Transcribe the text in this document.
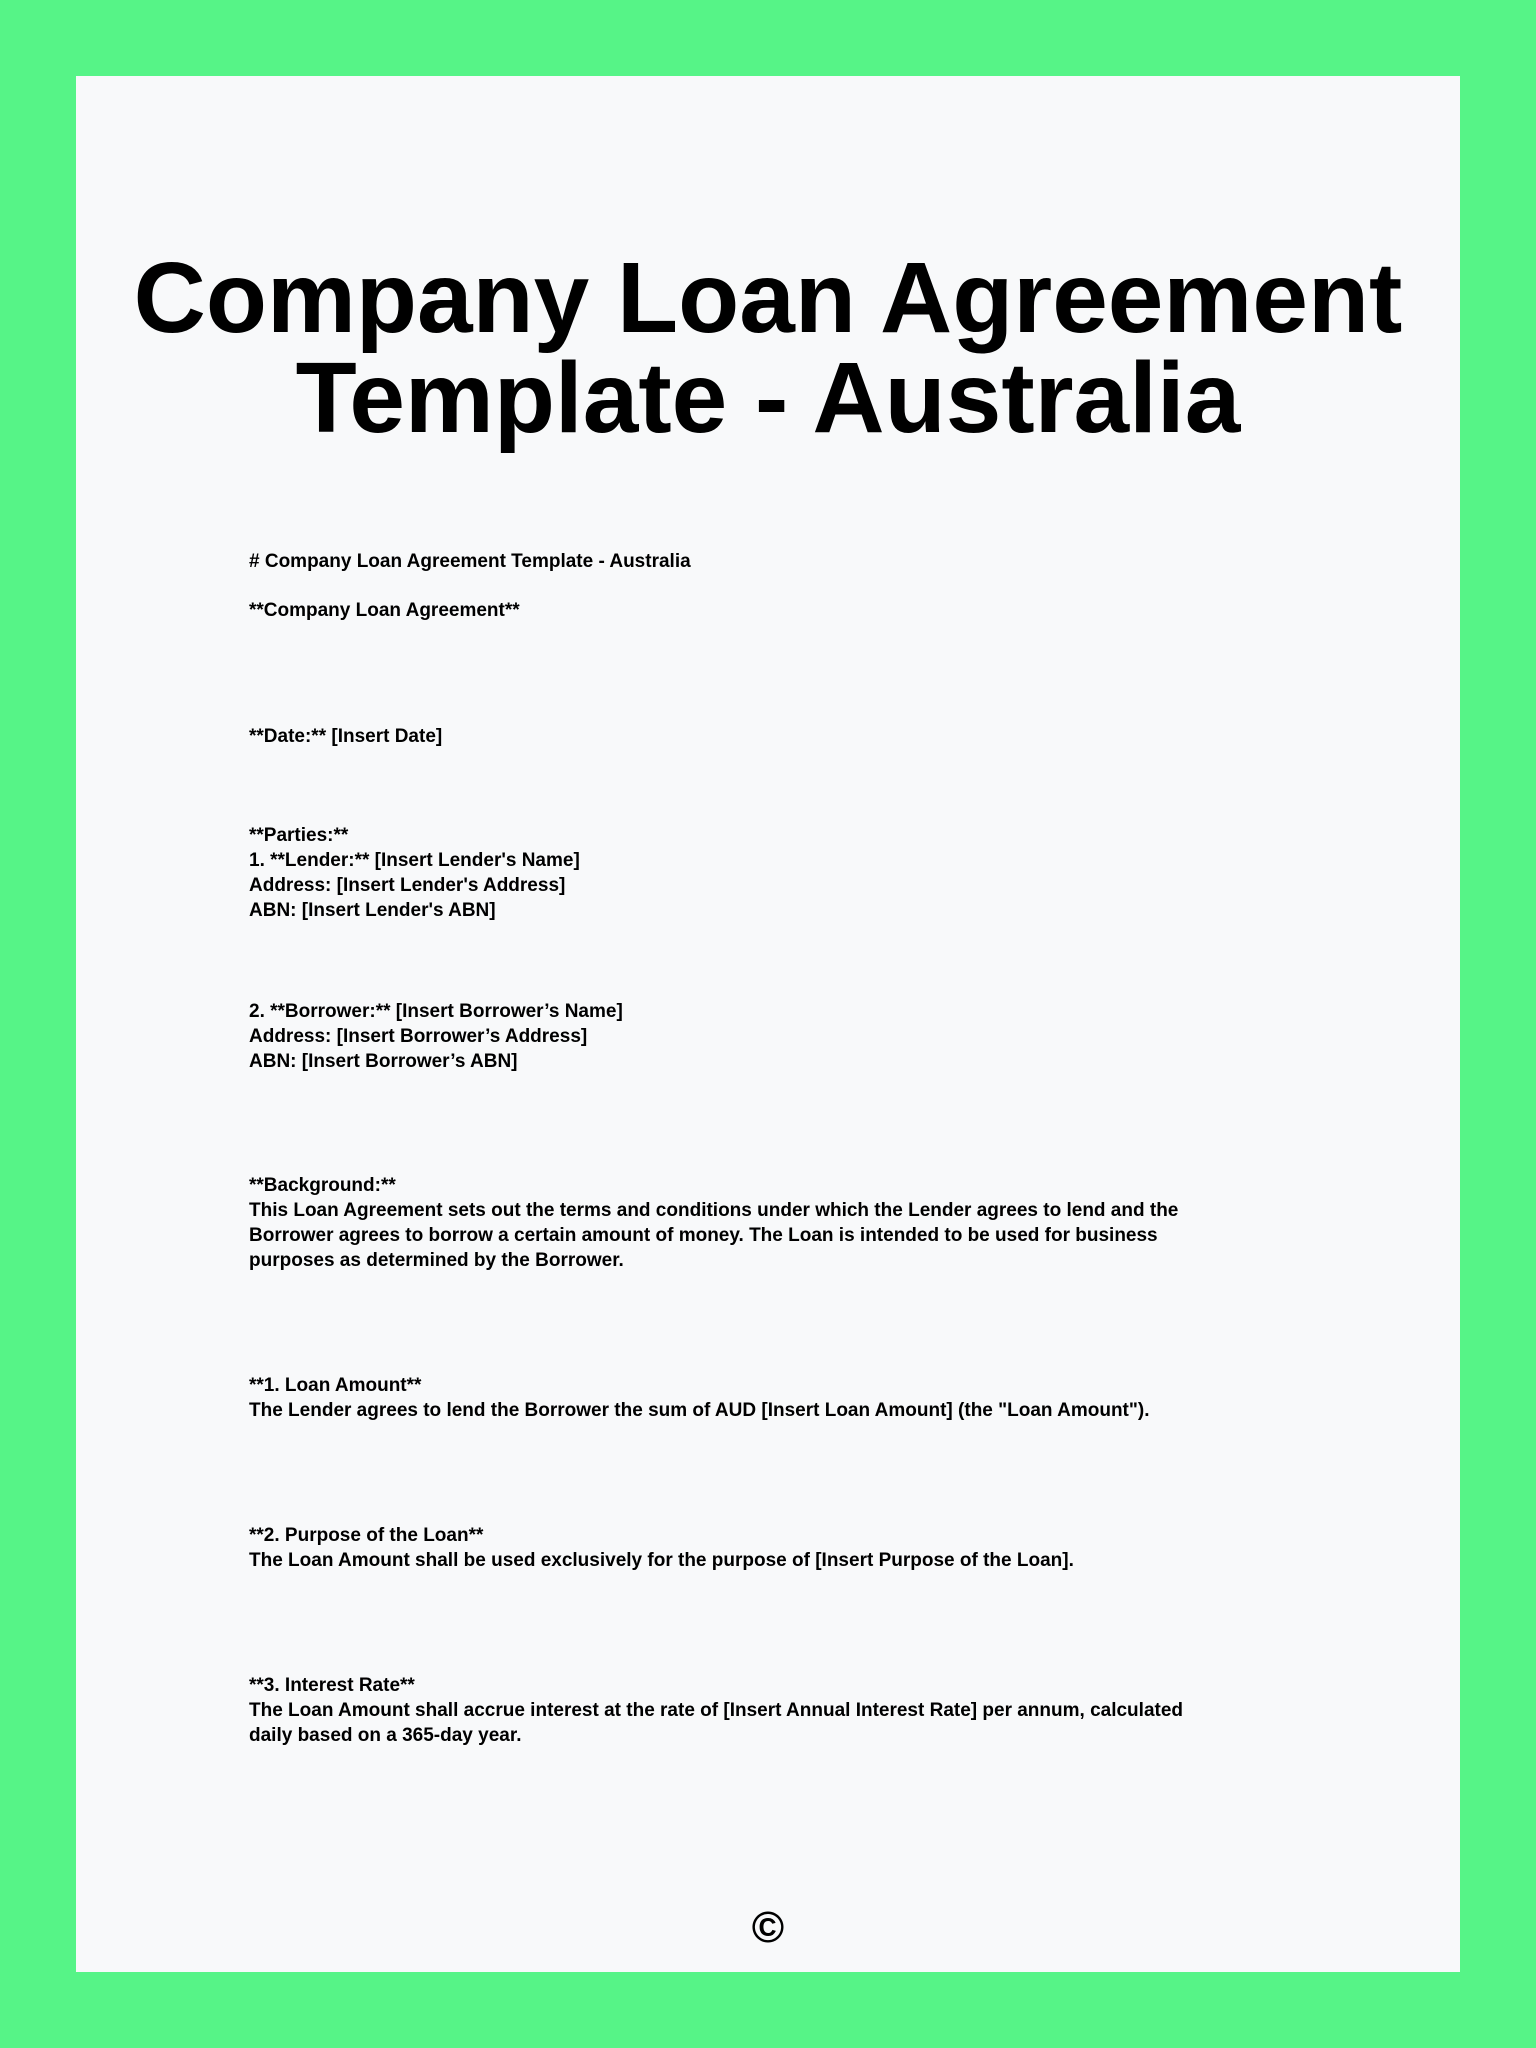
Company Loan Agreement
Template - Australia
# Company Loan Agreement Template - Australia
**Company Loan Agreement**
**Date:** [Insert Date]
**Parties:**
1. **Lender:** [Insert Lender's Name]
Address: [Insert Lender's Address]
ABN: [Insert Lender's ABN]
2. **Borrower:** [Insert Borrower’s Name]
Address: [Insert Borrower’s Address]
ABN: [Insert Borrower’s ABN]
**Background:**
This Loan Agreement sets out the terms and conditions under which the Lender agrees to lend and the
Borrower agrees to borrow a certain amount of money. The Loan is intended to be used for business
purposes as determined by the Borrower.
**1. Loan Amount**
The Lender agrees to lend the Borrower the sum of AUD [Insert Loan Amount] (the "Loan Amount").
**2. Purpose of the Loan**
The Loan Amount shall be used exclusively for the purpose of [Insert Purpose of the Loan].
**3. Interest Rate**
The Loan Amount shall accrue interest at the rate of [Insert Annual Interest Rate] per annum, calculated
daily based on a 365-day year.
©
